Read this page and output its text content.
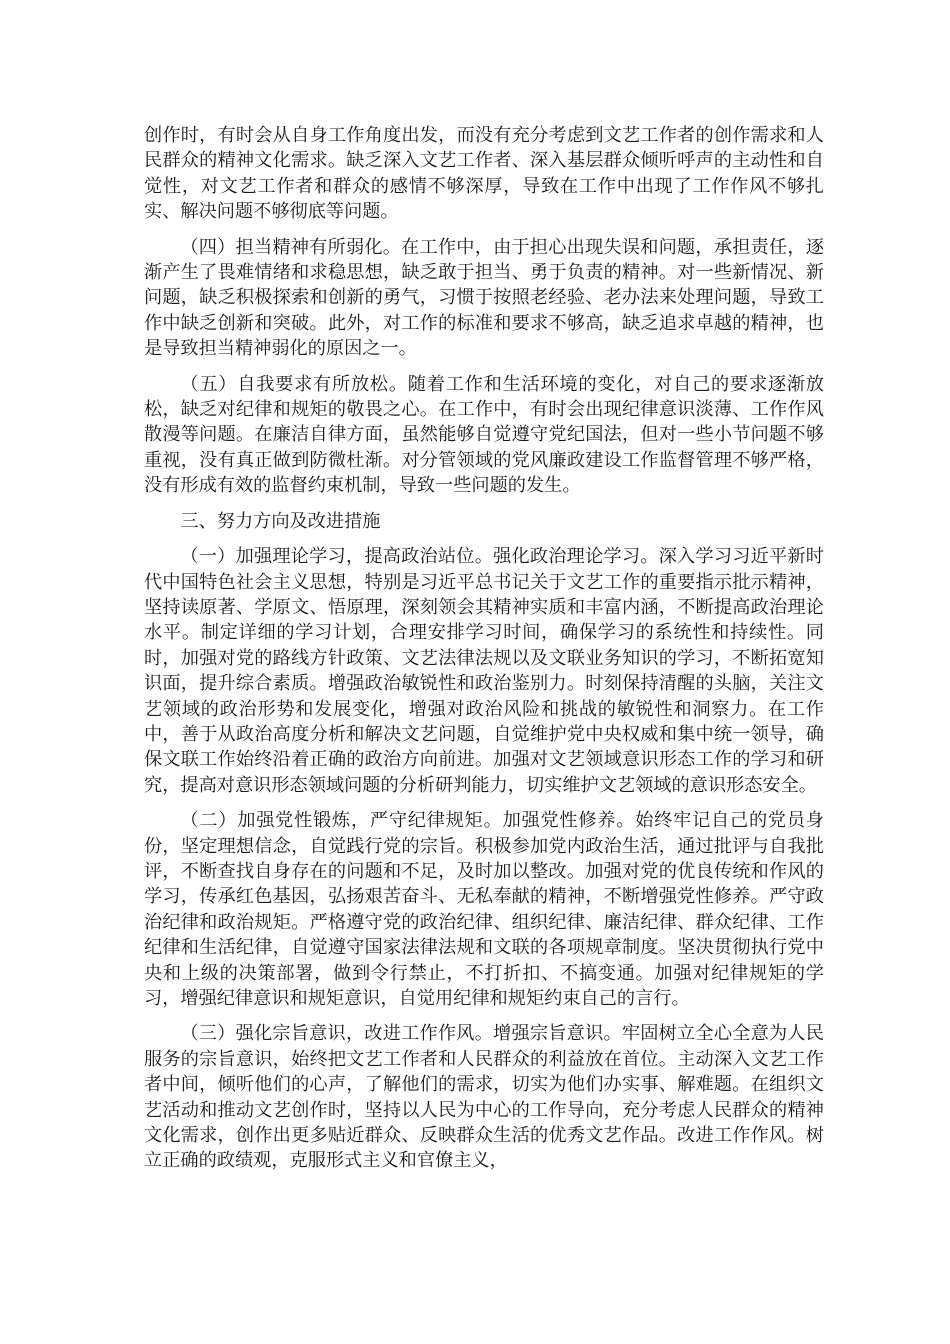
创作时，有时会从自身工作角度出发，而没有充分考虑到文艺工作者的创作需求和人民群众的精神文化需求。缺乏深入文艺工作者、深入基层群众倾听呼声的主动性和自觉性，对文艺工作者和群众的感情不够深厚，导致在工作中出现了工作作风不够扎实、解决问题不够彻底等问题。

（四）担当精神有所弱化。在工作中，由于担心出现失误和问题，承担责任，逐渐产生了畏难情绪和求稳思想，缺乏敢于担当、勇于负责的精神。对一些新情况、新问题，缺乏积极探索和创新的勇气，习惯于按照老经验、老办法来处理问题，导致工作中缺乏创新和突破。此外，对工作的标准和要求不够高，缺乏追求卓越的精神，也是导致担当精神弱化的原因之一。

（五）自我要求有所放松。随着工作和生活环境的变化，对自己的要求逐渐放松，缺乏对纪律和规矩的敬畏之心。在工作中，有时会出现纪律意识淡薄、工作作风散漫等问题。在廉洁自律方面，虽然能够自觉遵守党纪国法，但对一些小节问题不够重视，没有真正做到防微杜渐。对分管领域的党风廉政建设工作监督管理不够严格，没有形成有效的监督约束机制，导致一些问题的发生。

三、努力方向及改进措施

（一）加强理论学习，提高政治站位。强化政治理论学习。深入学习习近平新时代中国特色社会主义思想，特别是习近平总书记关于文艺工作的重要指示批示精神，坚持读原著、学原文、悟原理，深刻领会其精神实质和丰富内涵，不断提高政治理论水平。制定详细的学习计划，合理安排学习时间，确保学习的系统性和持续性。同时，加强对党的路线方针政策、文艺法律法规以及文联业务知识的学习，不断拓宽知识面，提升综合素质。增强政治敏锐性和政治鉴别力。时刻保持清醒的头脑，关注文艺领域的政治形势和发展变化，增强对政治风险和挑战的敏锐性和洞察力。在工作中，善于从政治高度分析和解决文艺问题，自觉维护党中央权威和集中统一领导，确保文联工作始终沿着正确的政治方向前进。加强对文艺领域意识形态工作的学习和研究，提高对意识形态领域问题的分析研判能力，切实维护文艺领域的意识形态安全。

（二）加强党性锻炼，严守纪律规矩。加强党性修养。始终牢记自己的党员身份，坚定理想信念，自觉践行党的宗旨。积极参加党内政治生活，通过批评与自我批评，不断查找自身存在的问题和不足，及时加以整改。加强对党的优良传统和作风的学习，传承红色基因，弘扬艰苦奋斗、无私奉献的精神，不断增强党性修养。严守政治纪律和政治规矩。严格遵守党的政治纪律、组织纪律、廉洁纪律、群众纪律、工作纪律和生活纪律，自觉遵守国家法律法规和文联的各项规章制度。坚决贯彻执行党中央和上级的决策部署，做到令行禁止，不打折扣、不搞变通。加强对纪律规矩的学习，增强纪律意识和规矩意识，自觉用纪律和规矩约束自己的言行。

（三）强化宗旨意识，改进工作作风。增强宗旨意识。牢固树立全心全意为人民服务的宗旨意识，始终把文艺工作者和人民群众的利益放在首位。主动深入文艺工作者中间，倾听他们的心声，了解他们的需求，切实为他们办实事、解难题。在组织文艺活动和推动文艺创作时，坚持以人民为中心的工作导向，充分考虑人民群众的精神文化需求，创作出更多贴近群众、反映群众生活的优秀文艺作品。改进工作作风。树立正确的政绩观，克服形式主义和官僚主义，
